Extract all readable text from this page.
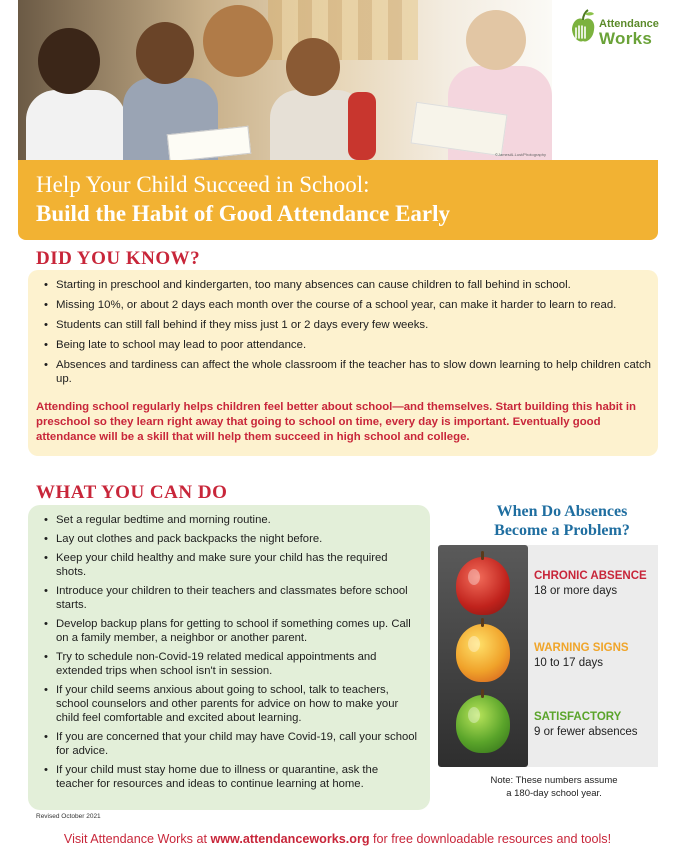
©JamesAl-Lust/Photography
Attendance
Works
Help Your Child Succeed in School:
Build the Habit of Good Attendance Early
DID YOU KNOW?
• Starting in preschool and kindergarten, too many absences can cause children to fall behind in school.
• Missing 10%, or about 2 days each month over the course of a school year, can make it harder to learn to read.
• Students can still fall behind if they miss just 1 or 2 days every few weeks.
• Being late to school may lead to poor attendance.
• Absences and tardiness can affect the whole classroom if the teacher has to slow down learning to help children catch up.
Attending school regularly helps children feel better about school—and themselves. Start building this habit in preschool so they learn right away that going to school on time, every day is important. Eventually good attendance will be a skill that will help them succeed in high school and college.
WHAT YOU CAN DO
• Set a regular bedtime and morning routine.
• Lay out clothes and pack backpacks the night before.
• Keep your child healthy and make sure your child has the required shots.
• Introduce your children to their teachers and classmates before school starts.
• Develop backup plans for getting to school if something comes up. Call on a family member, a neighbor or another parent.
• Try to schedule non-Covid-19 related medical appointments and extended trips when school isn't in session.
• If your child seems anxious about going to school, talk to teachers, school counselors and other parents for advice on how to make your child feel comfortable and excited about learning.
• If you are concerned that your child may have Covid-19, call your school for advice.
• If your child must stay home due to illness or quarantine, ask the teacher for resources and ideas to continue learning at home.
Revised October 2021
When Do Absences
Become a Problem?
CHRONIC ABSENCE
18 or more days
WARNING SIGNS
10 to 17 days
SATISFACTORY
9 or fewer absences
Note: These numbers assume
a 180-day school year.
Visit Attendance Works at www.attendanceworks.org for free downloadable resources and tools!
